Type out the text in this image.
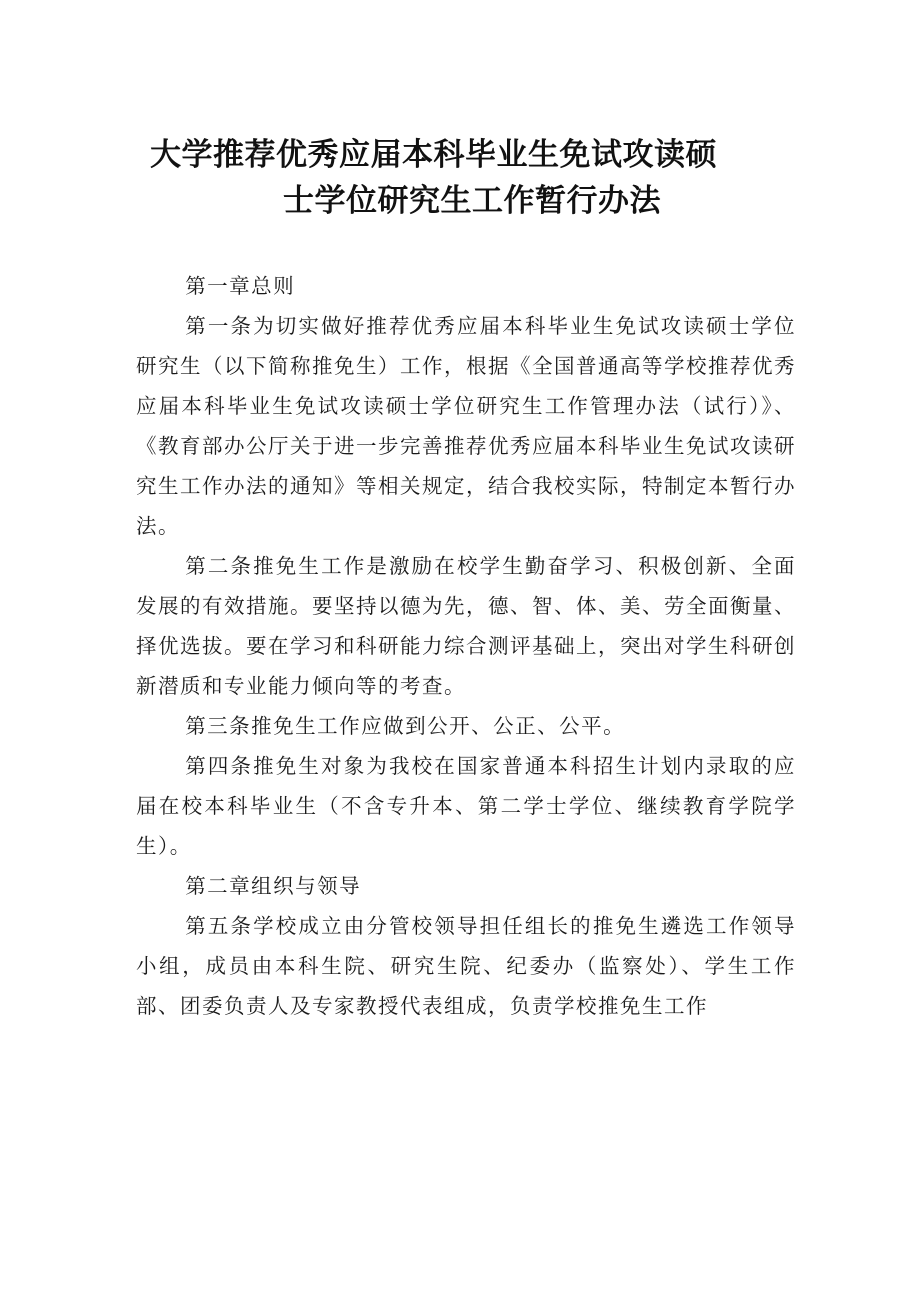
大学推荐优秀应届本科毕业生免试攻读硕
士学位研究生工作暂行办法

第一章总则

第一条为切实做好推荐优秀应届本科毕业生免试攻读硕士学位研究生（以下简称推免生）工作，根据《全国普通高等学校推荐优秀应届本科毕业生免试攻读硕士学位研究生工作管理办法（试行）》、《教育部办公厅关于进一步完善推荐优秀应届本科毕业生免试攻读研究生工作办法的通知》等相关规定，结合我校实际，特制定本暂行办法。

第二条推免生工作是激励在校学生勤奋学习、积极创新、全面发展的有效措施。要坚持以德为先，德、智、体、美、劳全面衡量、择优选拔。要在学习和科研能力综合测评基础上，突出对学生科研创新潜质和专业能力倾向等的考查。

第三条推免生工作应做到公开、公正、公平。

第四条推免生对象为我校在国家普通本科招生计划内录取的应届在校本科毕业生（不含专升本、第二学士学位、继续教育学院学生）。

第二章组织与领导

第五条学校成立由分管校领导担任组长的推免生遴选工作领导小组，成员由本科生院、研究生院、纪委办（监察处）、学生工作部、团委负责人及专家教授代表组成，负责学校推免生工作
